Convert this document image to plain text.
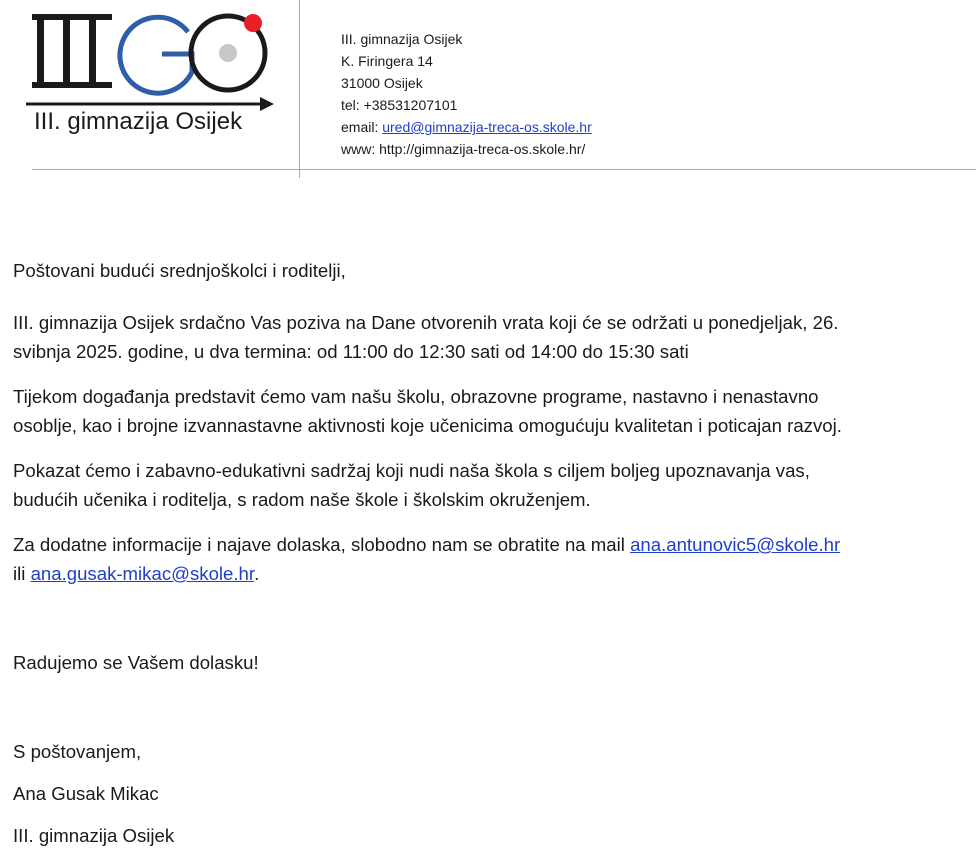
III. gimnazija Osijek
III. gimnazija Osijek
K. Firingera 14
31000 Osijek
tel: +38531207101
email: ured@gimnazija-treca-os.skole.hr
www: http://gimnazija-treca-os.skole.hr/

Poštovani budući srednjoškolci i roditelji,

III. gimnazija Osijek srdačno Vas poziva na Dane otvorenih vrata koji će se održati u ponedjeljak, 26.

svibnja 2025. godine, u dva termina: od 11:00 do 12:30 sati od 14:00 do 15:30 sati

Tijekom događanja predstavit ćemo vam našu školu, obrazovne programe, nastavno i nenastavno

osoblje, kao i brojne izvannastavne aktivnosti koje učenicima omogućuju kvalitetan i poticajan razvoj.

Pokazat ćemo i zabavno-edukativni sadržaj koji nudi naša škola s ciljem boljeg upoznavanja vas,

budućih učenika i roditelja, s radom naše škole i školskim okruženjem.

Za dodatne informacije i najave dolaska, slobodno nam se obratite na mail ana.antunovic5@skole.hr

ili ana.gusak-mikac@skole.hr.

Radujemo se Vašem dolasku!

S poštovanjem,

Ana Gusak Mikac

III. gimnazija Osijek
